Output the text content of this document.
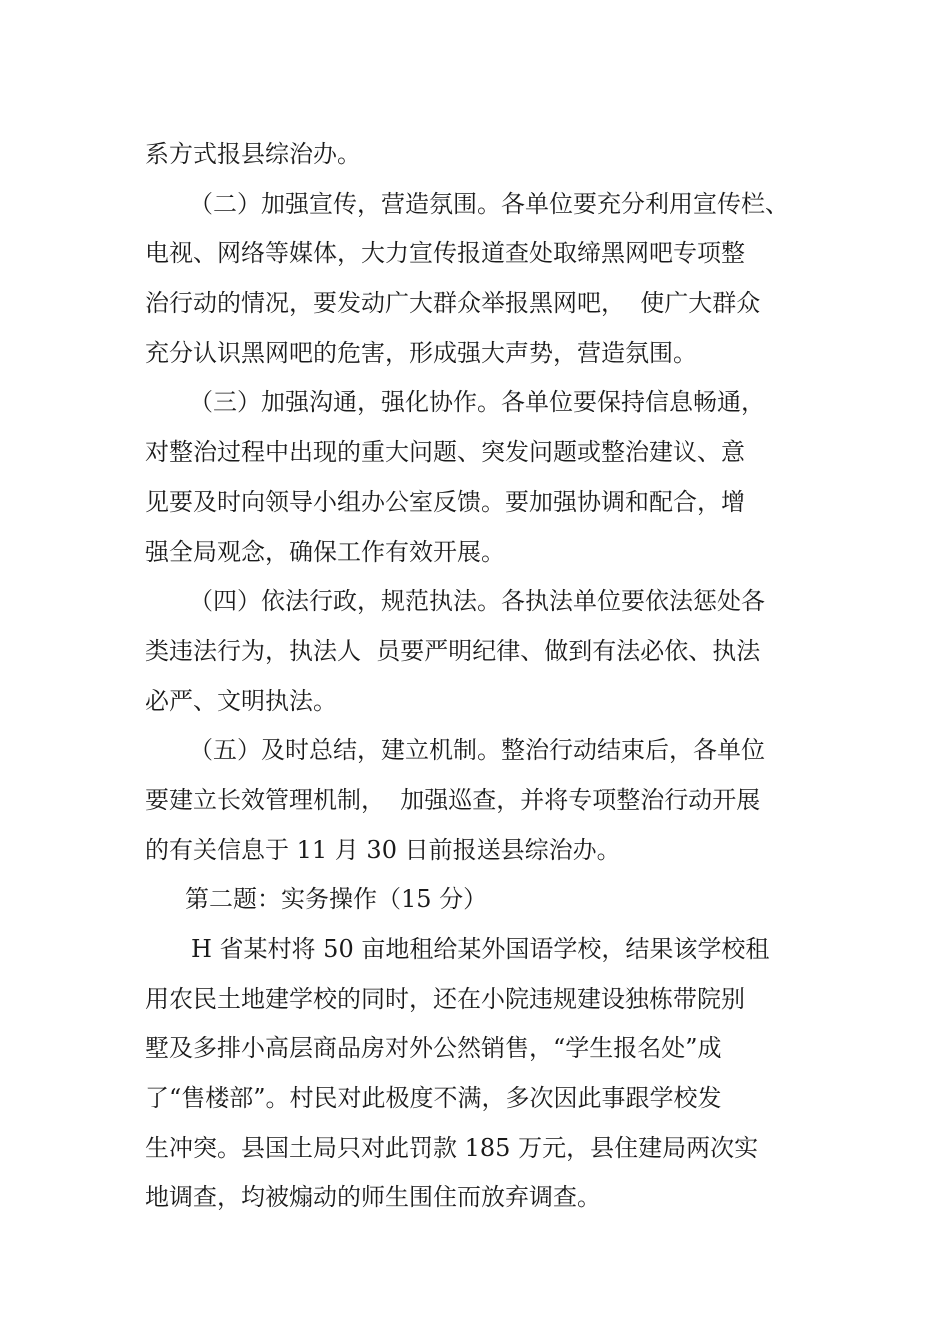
系方式报县综治办。
（二）加强宣传，营造氛围。各单位要充分利用宣传栏、
电视、网络等媒体，大力宣传报道查处取缔黑网吧专项整
治行动的情况，要发动广大群众举报黑网吧，  使广大群众
充分认识黑网吧的危害，形成强大声势，营造氛围。
（三）加强沟通，强化协作。各单位要保持信息畅通，
对整治过程中出现的重大问题、突发问题或整治建议、意
见要及时向领导小组办公室反馈。要加强协调和配合，增
强全局观念，确保工作有效开展。
（四）依法行政，规范执法。各执法单位要依法惩处各
类违法行为，执法人  员要严明纪律、做到有法必依、执法
必严、文明执法。
（五）及时总结，建立机制。整治行动结束后，各单位
要建立长效管理机制，  加强巡查，并将专项整治行动开展
的有关信息于 11 月 30 日前报送县综治办。
第二题：实务操作（15 分）
H 省某村将 50 亩地租给某外国语学校，结果该学校租
用农民土地建学校的同时，还在小院违规建设独栋带院别
墅及多排小高层商品房对外公然销售，“学生报名处”成
了“售楼部”。村民对此极度不满，多次因此事跟学校发
生冲突。县国土局只对此罚款 185 万元，县住建局两次实
地调查，均被煽动的师生围住而放弃调查。
